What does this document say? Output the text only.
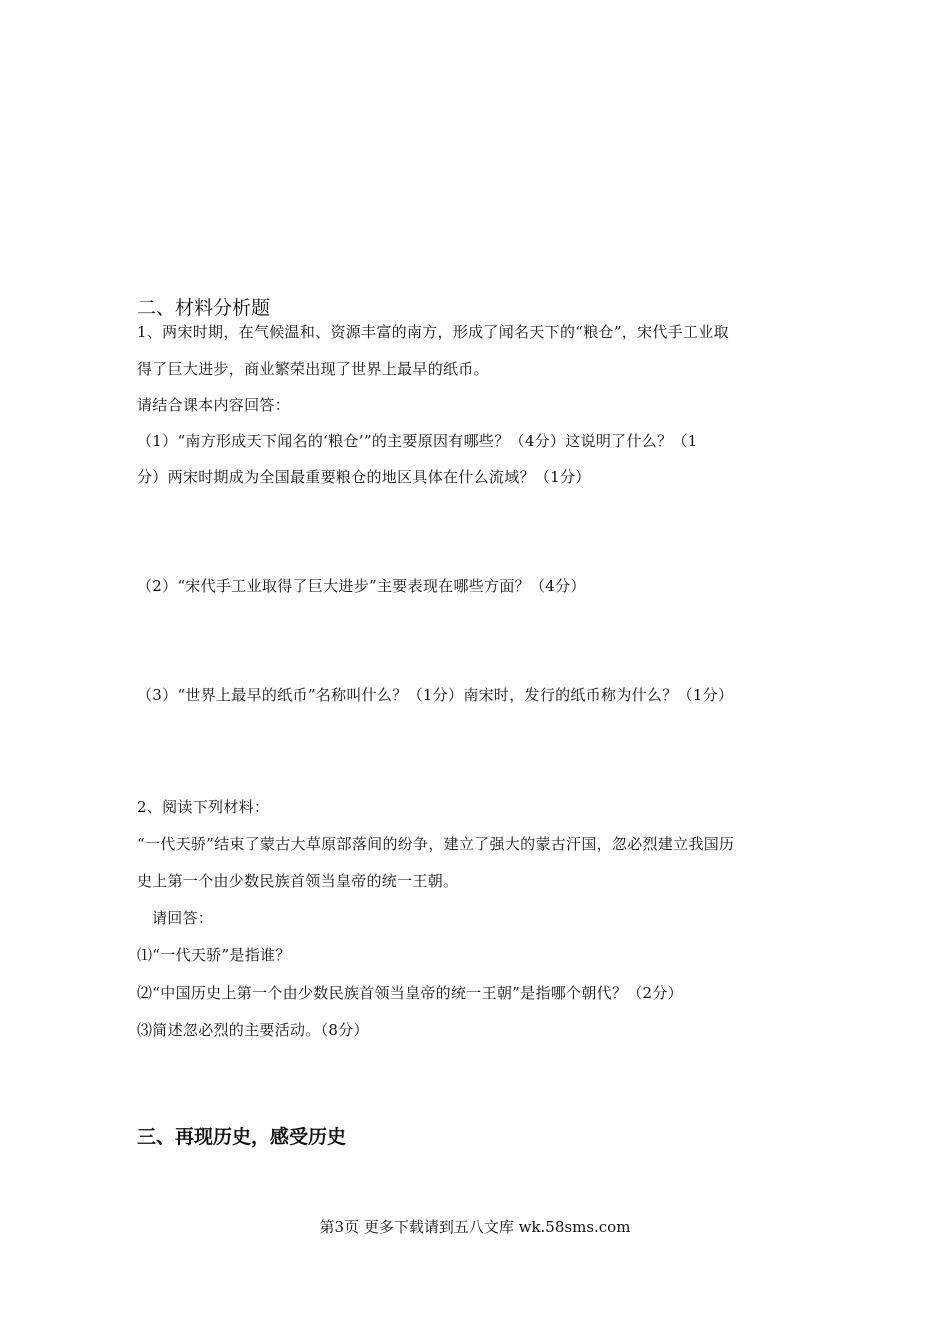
二、材料分析题
1、两宋时期，在气候温和、资源丰富的南方，形成了闻名天下的“粮仓”，宋代手工业取
得了巨大进步，商业繁荣出现了世界上最早的纸币。
请结合课本内容回答：
（1）“南方形成天下闻名的‘粮仓’”的主要原因有哪些？（4分）这说明了什么？（1
分）两宋时期成为全国最重要粮仓的地区具体在什么流域？（1分）
（2）“宋代手工业取得了巨大进步”主要表现在哪些方面？（4分）
（3）“世界上最早的纸币”名称叫什么？（1分）南宋时，发行的纸币称为什么？（1分）
2、阅读下列材料：
“一代天骄”结束了蒙古大草原部落间的纷争，建立了强大的蒙古汗国，忽必烈建立我国历
史上第一个由少数民族首领当皇帝的统一王朝。
请回答：
⑴“一代天骄”是指谁？
⑵“中国历史上第一个由少数民族首领当皇帝的统一王朝”是指哪个朝代？（2分）
⑶简述忽必烈的主要活动。（8分）
三、再现历史，感受历史
第3页 更多下载请到五八文库 wk.58sms.com
